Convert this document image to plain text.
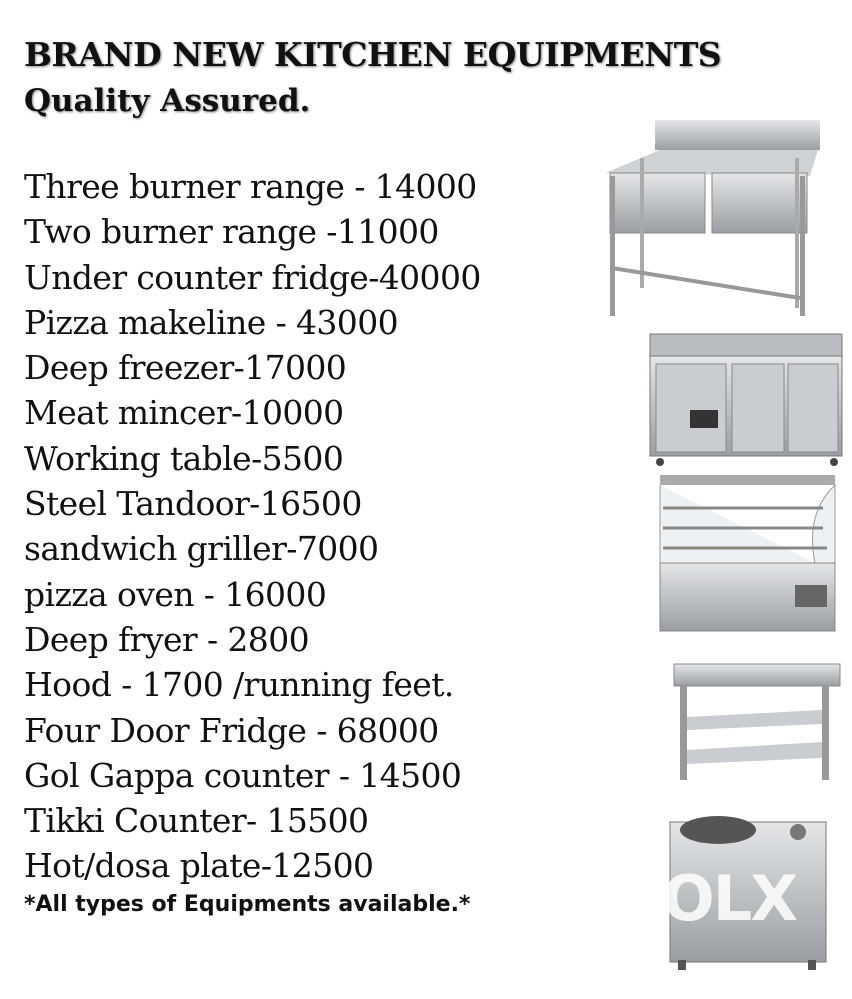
BRAND NEW KITCHEN EQUIPMENTS
Quality Assured.
Three burner range - 14000
Two burner range -11000
Under counter fridge-40000
Pizza makeline - 43000
Deep freezer-17000
Meat mincer-10000
Working table-5500
Steel Tandoor-16500
sandwich griller-7000
pizza oven - 16000
Deep fryer - 2800
Hood - 1700 /running feet.
Four Door Fridge - 68000
Gol Gappa counter - 14500
Tikki Counter- 15500
Hot/dosa plate-12500
*All types of Equipments available.*	OLX
